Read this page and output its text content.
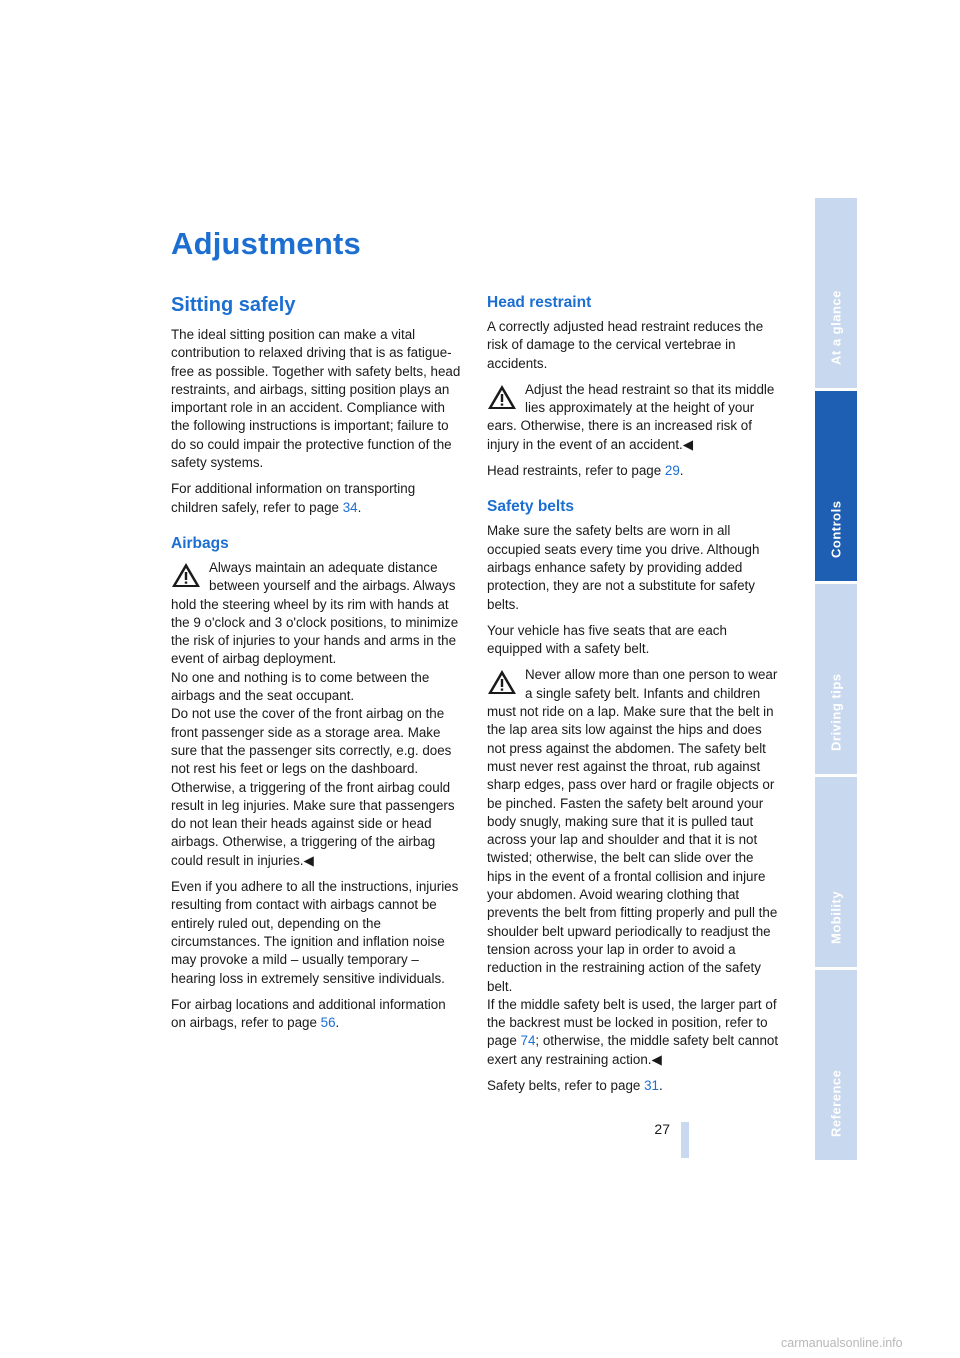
Adjustments
Sitting safely

The ideal sitting position can make a vital contribution to relaxed driving that is as fatigue-free as possible. Together with safety belts, head restraints, and airbags, sitting position plays an important role in an accident. Compliance with the following instructions is important; failure to do so could impair the protective function of the safety systems.

For additional information on transporting children safely, refer to page 34.

Airbags
Always maintain an adequate distance between yourself and the airbags. Always hold the steering wheel by its rim with hands at the 9 o'clock and 3 o'clock positions, to minimize the risk of injuries to your hands and arms in the event of airbag deployment.
No one and nothing is to come between the airbags and the seat occupant.
Do not use the cover of the front airbag on the front passenger side as a storage area. Make sure that the passenger sits correctly, e.g. does not rest his feet or legs on the dashboard. Otherwise, a triggering of the front airbag could result in leg injuries. Make sure that passengers do not lean their heads against side or head airbags. Otherwise, a triggering of the airbag could result in injuries.◀

Even if you adhere to all the instructions, injuries resulting from contact with airbags cannot be entirely ruled out, depending on the circumstances. The ignition and inflation noise may provoke a mild – usually temporary – hearing loss in extremely sensitive individuals.

For airbag locations and additional information on airbags, refer to page 56.

Head restraint

A correctly adjusted head restraint reduces the risk of damage to the cervical vertebrae in accidents.

Adjust the head restraint so that its middle lies approximately at the height of your ears. Otherwise, there is an increased risk of injury in the event of an accident.◀

Head restraints, refer to page 29.

Safety belts

Make sure the safety belts are worn in all occupied seats every time you drive. Although airbags enhance safety by providing added protection, they are not a substitute for safety belts.

Your vehicle has five seats that are each equipped with a safety belt.

Never allow more than one person to wear a single safety belt. Infants and children must not ride on a lap. Make sure that the belt in the lap area sits low against the hips and does not press against the abdomen. The safety belt must never rest against the throat, rub against sharp edges, pass over hard or fragile objects or be pinched. Fasten the safety belt around your body snugly, making sure that it is pulled taut across your lap and shoulder and that it is not twisted; otherwise, the belt can slide over the hips in the event of a frontal collision and injure your abdomen. Avoid wearing clothing that prevents the belt from fitting properly and pull the shoulder belt upward periodically to readjust the tension across your lap in order to avoid a reduction in the restraining action of the safety belt.
If the middle safety belt is used, the larger part of the backrest must be locked in position, refer to page 74; otherwise, the middle safety belt cannot exert any restraining action.◀

Safety belts, refer to page 31.

At a glance
Controls
Driving tips
Mobility
Reference
27
carmanualsonline.info
